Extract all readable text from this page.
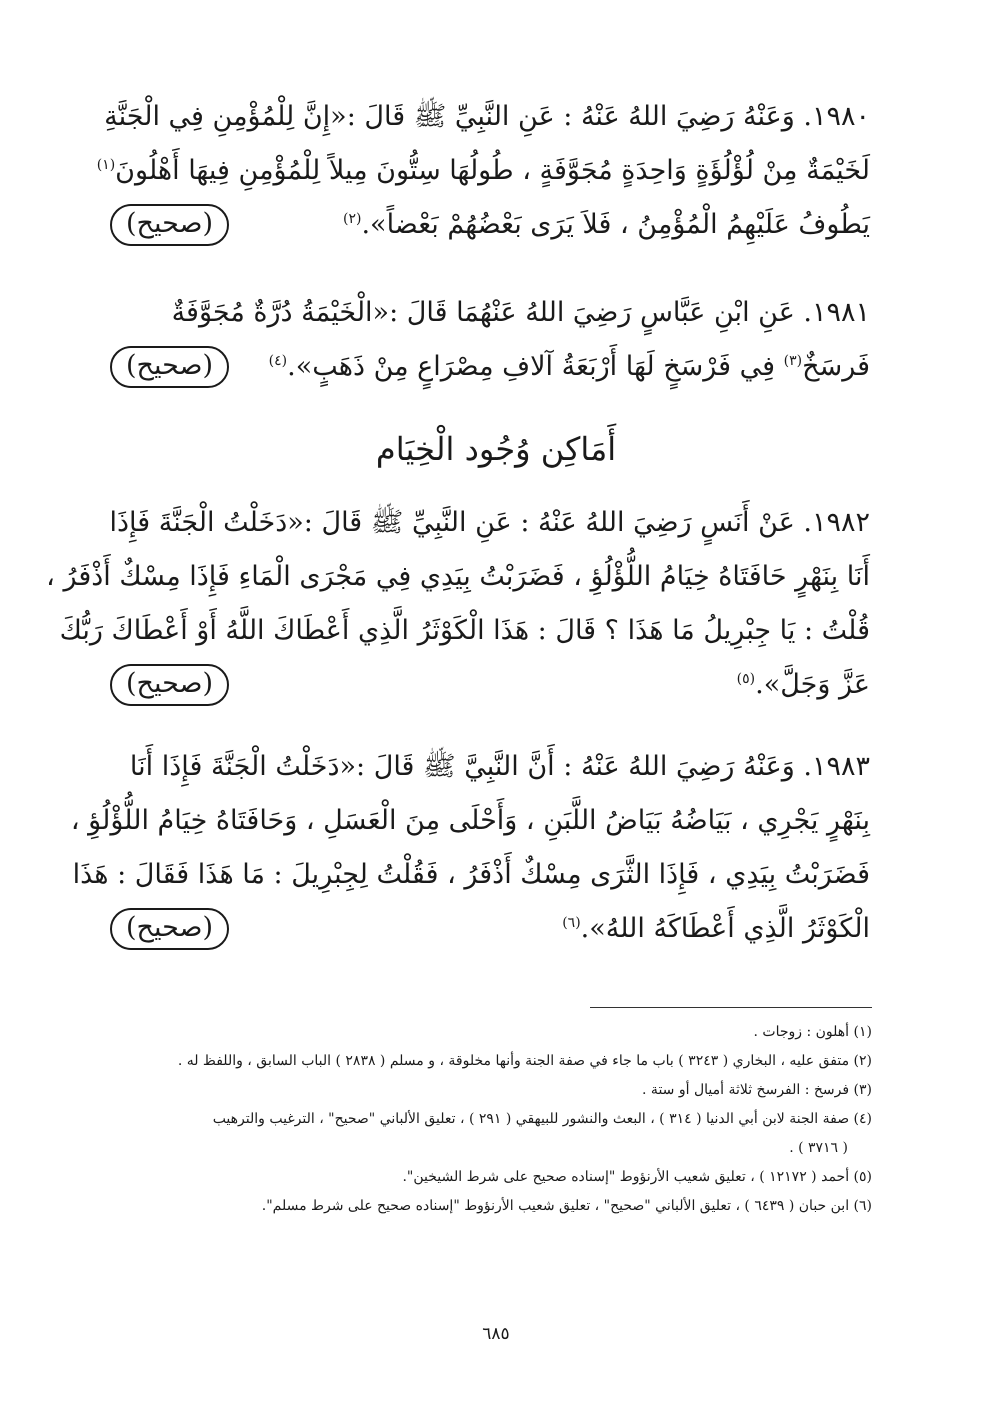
١٩٨٠. وَعَنْهُ رَضِيَ اللهُ عَنْهُ : عَنِ النَّبِيِّ ﷺ قَالَ :«إِنَّ لِلْمُؤْمِنِ فِي الْجَنَّةِ
لَخَيْمَةٌ مِنْ لُؤْلُؤَةٍ وَاحِدَةٍ مُجَوَّفَةٍ ، طُولُهَا سِتُّونَ مِيلاً لِلْمُؤْمِنِ فِيهَا أَهْلُونَ$^{(١)}$
يَطُوفُ عَلَيْهِمُ الْمُؤْمِنُ ، فَلاَ يَرَى بَعْضُهُمْ بَعْضاً».$^{(٢)}$
(صحيح)
١٩٨١. عَنِ ابْنِ عَبَّاسٍ رَضِيَ اللهُ عَنْهُمَا قَالَ :«الْخَيْمَةُ دُرَّةٌ مُجَوَّفَةٌ
فَرسَخٌ$^{(٣)}$ فِي فَرْسَخٍ لَهَا أَرْبَعَةُ آلافِ مِصْرَاعٍ مِنْ ذَهَبٍ».$^{(٤)}$
(صحيح)
أَمَاكِن وُجُود الْخِيَام
١٩٨٢. عَنْ أَنَسٍ رَضِيَ اللهُ عَنْهُ : عَنِ النَّبِيِّ ﷺ قَالَ :«دَخَلْتُ الْجَنَّةَ فَإِذَا
أَنَا بِنَهْرٍ حَافَتَاهُ خِيَامُ اللُّؤْلُؤِ ، فَضَرَبْتُ بِيَدِي فِي مَجْرَى الْمَاءِ فَإِذَا مِسْكٌ أَذْفَرُ ،
قُلْتُ : يَا جِبْرِيلُ مَا هَذَا ؟ قَالَ : هَذَا الْكَوْثَرُ الَّذِي أَعْطَاكَ اللَّهُ أَوْ أَعْطَاكَ رَبُّكَ
عَزَّ وَجَلَّ».$^{(٥)}$
(صحيح)
١٩٨٣. وَعَنْهُ رَضِيَ اللهُ عَنْهُ : أَنَّ النَّبِيَّ ﷺ قَالَ :«دَخَلْتُ الْجَنَّةَ فَإِذَا أَنَا
بِنَهْرٍ يَجْرِي ، بَيَاضُهُ بَيَاضُ اللَّبَنِ ، وَأَحْلَى مِنَ الْعَسَلِ ، وَحَافَتَاهُ خِيَامُ اللُّؤْلُؤِ ،
فَضَرَبْتُ بِيَدِي ، فَإِذَا الثَّرَى مِسْكٌ أَذْفَرُ ، فَقُلْتُ لِجِبْرِيلَ : مَا هَذَا فَقَالَ : هَذَا
الْكَوْثَرُ الَّذِي أَعْطَاكَهُ اللهُ».$^{(٦)}$
(صحيح)
(١) أهلون : زوجات .
(٢) متفق عليه ، البخاري ( ٣٢٤٣ ) باب ما جاء في صفة الجنة وأنها مخلوقة ، و مسلم ( ٢٨٣٨ ) الباب السابق ، واللفظ له .
(٣) فرسخ : الفرسخ ثلاثة أميال أو ستة .
(٤) صفة الجنة لابن أبي الدنيا ( ٣١٤ ) ، البعث والنشور للبيهقي ( ٢٩١ ) ، تعليق الألباني "صحيح" ، الترغيب والترهيب
( ٣٧١٦ ) .
(٥) أحمد ( ١٢١٧٢ ) ، تعليق شعيب الأرنؤوط "إسناده صحيح على شرط الشيخين".
(٦) ابن حبان ( ٦٤٣٩ ) ، تعليق الألباني "صحيح" ، تعليق شعيب الأرنؤوط "إسناده صحيح على شرط مسلم".
٦٨٥
